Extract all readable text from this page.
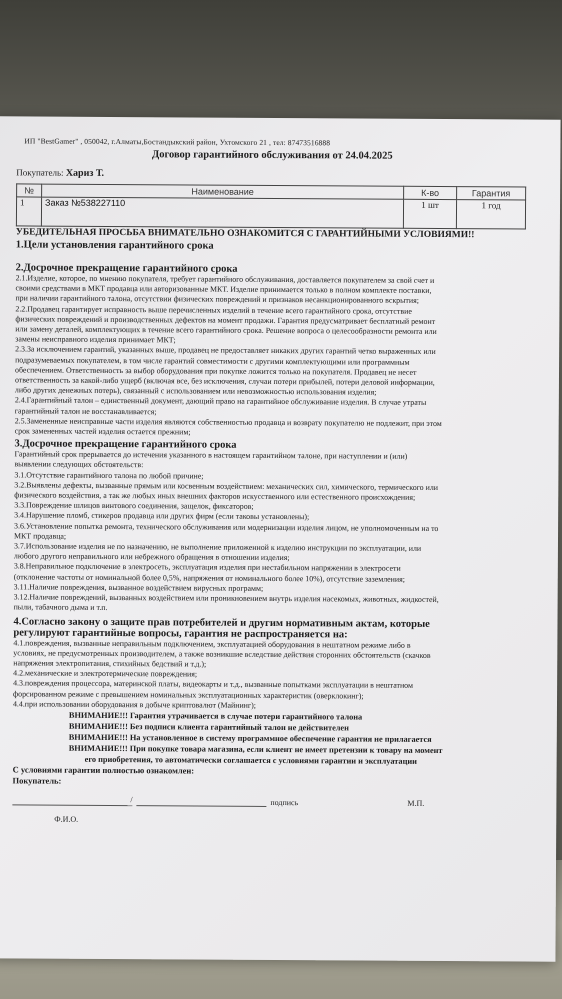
ИП "BestGamer" , 050042, г.Алматы,Бостандыкский район, Ухтомского 21 , тел: 87473516888
Договор гарантийного обслуживания от 24.04.2025
Покупатель: Хариз Т.
№	Наименование	К-во	Гарантия
1	Заказ №538227110	1 шт	1 год
УБЕДИТЕЛЬНАЯ ПРОСЬБА ВНИМАТЕЛЬНО ОЗНАКОМИТСЯ С ГАРАНТИЙНЫМИ УСЛОВИЯМИ!!
1.Цели установления гарантийного срока
2.Досрочное прекращение гарантийного срока

2.1.Изделие, которое, по мнению покупателя, требует гарантийного обслуживания, доставляется покупателем за свой счет и

своими средствами в МКТ продавца или авторизованные МКТ. Изделие принимается только в полном комплекте поставки,

при наличии гарантийного талона, отсутствии физических повреждений и признаков несанкционированного вскрытия;

2.2.Продавец гарантирует исправность выше перечисленных изделий в течение всего гарантийного срока, отсутствие

физических повреждений и производственных дефектов на момент продажи. Гарантия предусматривает бесплатный ремонт

или замену деталей, комплектующих в течение всего гарантийного срока. Решение вопроса о целесообразности ремонта или

замены неисправного изделия принимает МКТ;

2.3.За исключением гарантий, указанных выше, продавец не предоставляет никаких других гарантий четко выраженных или

подразумеваемых покупателем, в том числе гарантий совместимости с другими комплектующими или программным

обеспечением. Ответственность за выбор оборудования при покупке ложится только на покупателя. Продавец не несет

ответственность за какой-либо ущерб (включая все, без исключения, случаи потери прибылей, потери деловой информации,

либо других денежных потерь), связанный с использованием или невозможностью использования изделия;

2.4.Гарантийный талон – единственный документ, дающий право на гарантийное обслуживание изделия. В случае утраты

гарантийный талон не восстанавливается;

2.5.Замененные неисправные части изделия являются собственностью продавца и возврату покупателю не подлежит, при этом

срок замененных частей изделия остается прежним;

3.Досрочное прекращение гарантийного срока

Гарантийный срок прерывается до истечения указанного в настоящем гарантийном талоне, при наступлении и (или)

выявлении следующих обстоятельств:

3.1.Отсутствие гарантийного талона по любой причине;

3.2.Выявлены дефекты, вызванные прямым или косвенным воздействием: механических сил, химического, термического или

физического воздействия, а так же любых иных внешних факторов искусственного или естественного происхождения;

3.3.Повреждение шлицов винтового соединения, защелок, фиксаторов;

3.4.Нарушение пломб, стикеров продавца или других фирм (если таковы установлены);

3.6.Установление попытка ремонта, технического обслуживания или модернизации изделия лицом, не уполномоченным на то

МКТ продавца;

3.7.Использование изделия не по назначению, не выполнение приложенной к изделию инструкции по эксплуатации, или

любого другого неправильного или небрежного обращения в отношении изделия;

3.8.Неправильное подключение в электросеть, эксплуатация изделия при нестабильном напряжении в электросети

(отклонение частоты от номинальной более 0,5%, напряжения от номинального более 10%), отсутствие заземления;

3.11.Наличие повреждения, вызванное воздействием вирусных программ;

3.12.Наличие повреждений, вызванных воздействием или проникновением внутрь изделия насекомых, животных, жидкостей,

пыли, табачного дыма и т.п.

4.Согласно закону о защите прав потребителей и другим нормативным актам, которые
регулируют гарантийные вопросы, гарантия не распространяется на:

4.1.повреждения, вызванные неправильным подключением, эксплуатацией оборудования в нештатном режиме либо в

условиях, не предусмотренных производителем, а также возникшие вследствие действия сторонних обстоятельств (скачков

напряжения электропитания, стихийных бедствий и т.д.);

4.2.механические и электротермические повреждения;

4.3.повреждения процессора, материнской платы, видеокарты и т.д., вызванные попытками эксплуатации в нештатном

форсированном режиме с превышением номинальных эксплуатационных характеристик (оверклокинг);

4.4.при использовании оборудования в добыче криптовалют (Майнинг);

ВНИМАНИЕ!!! Гарантия утрачивается в случае потери гарантийного талона
ВНИМАНИЕ!!! Без подписи клиента гарантийный талон не действителен
ВНИМАНИЕ!!! На установленное в систему программное обеспечение гарантия не прилагается
ВНИМАНИЕ!!! При покупке товара магазина, если клиент не имеет претензии к товару на момент
его приобретения, то автоматически соглашается с условиями гарантии и эксплуатации
С условиями гарантии полностью ознакомлен:
Покупатель:
/	подпись	М.П.
Ф.И.О.
